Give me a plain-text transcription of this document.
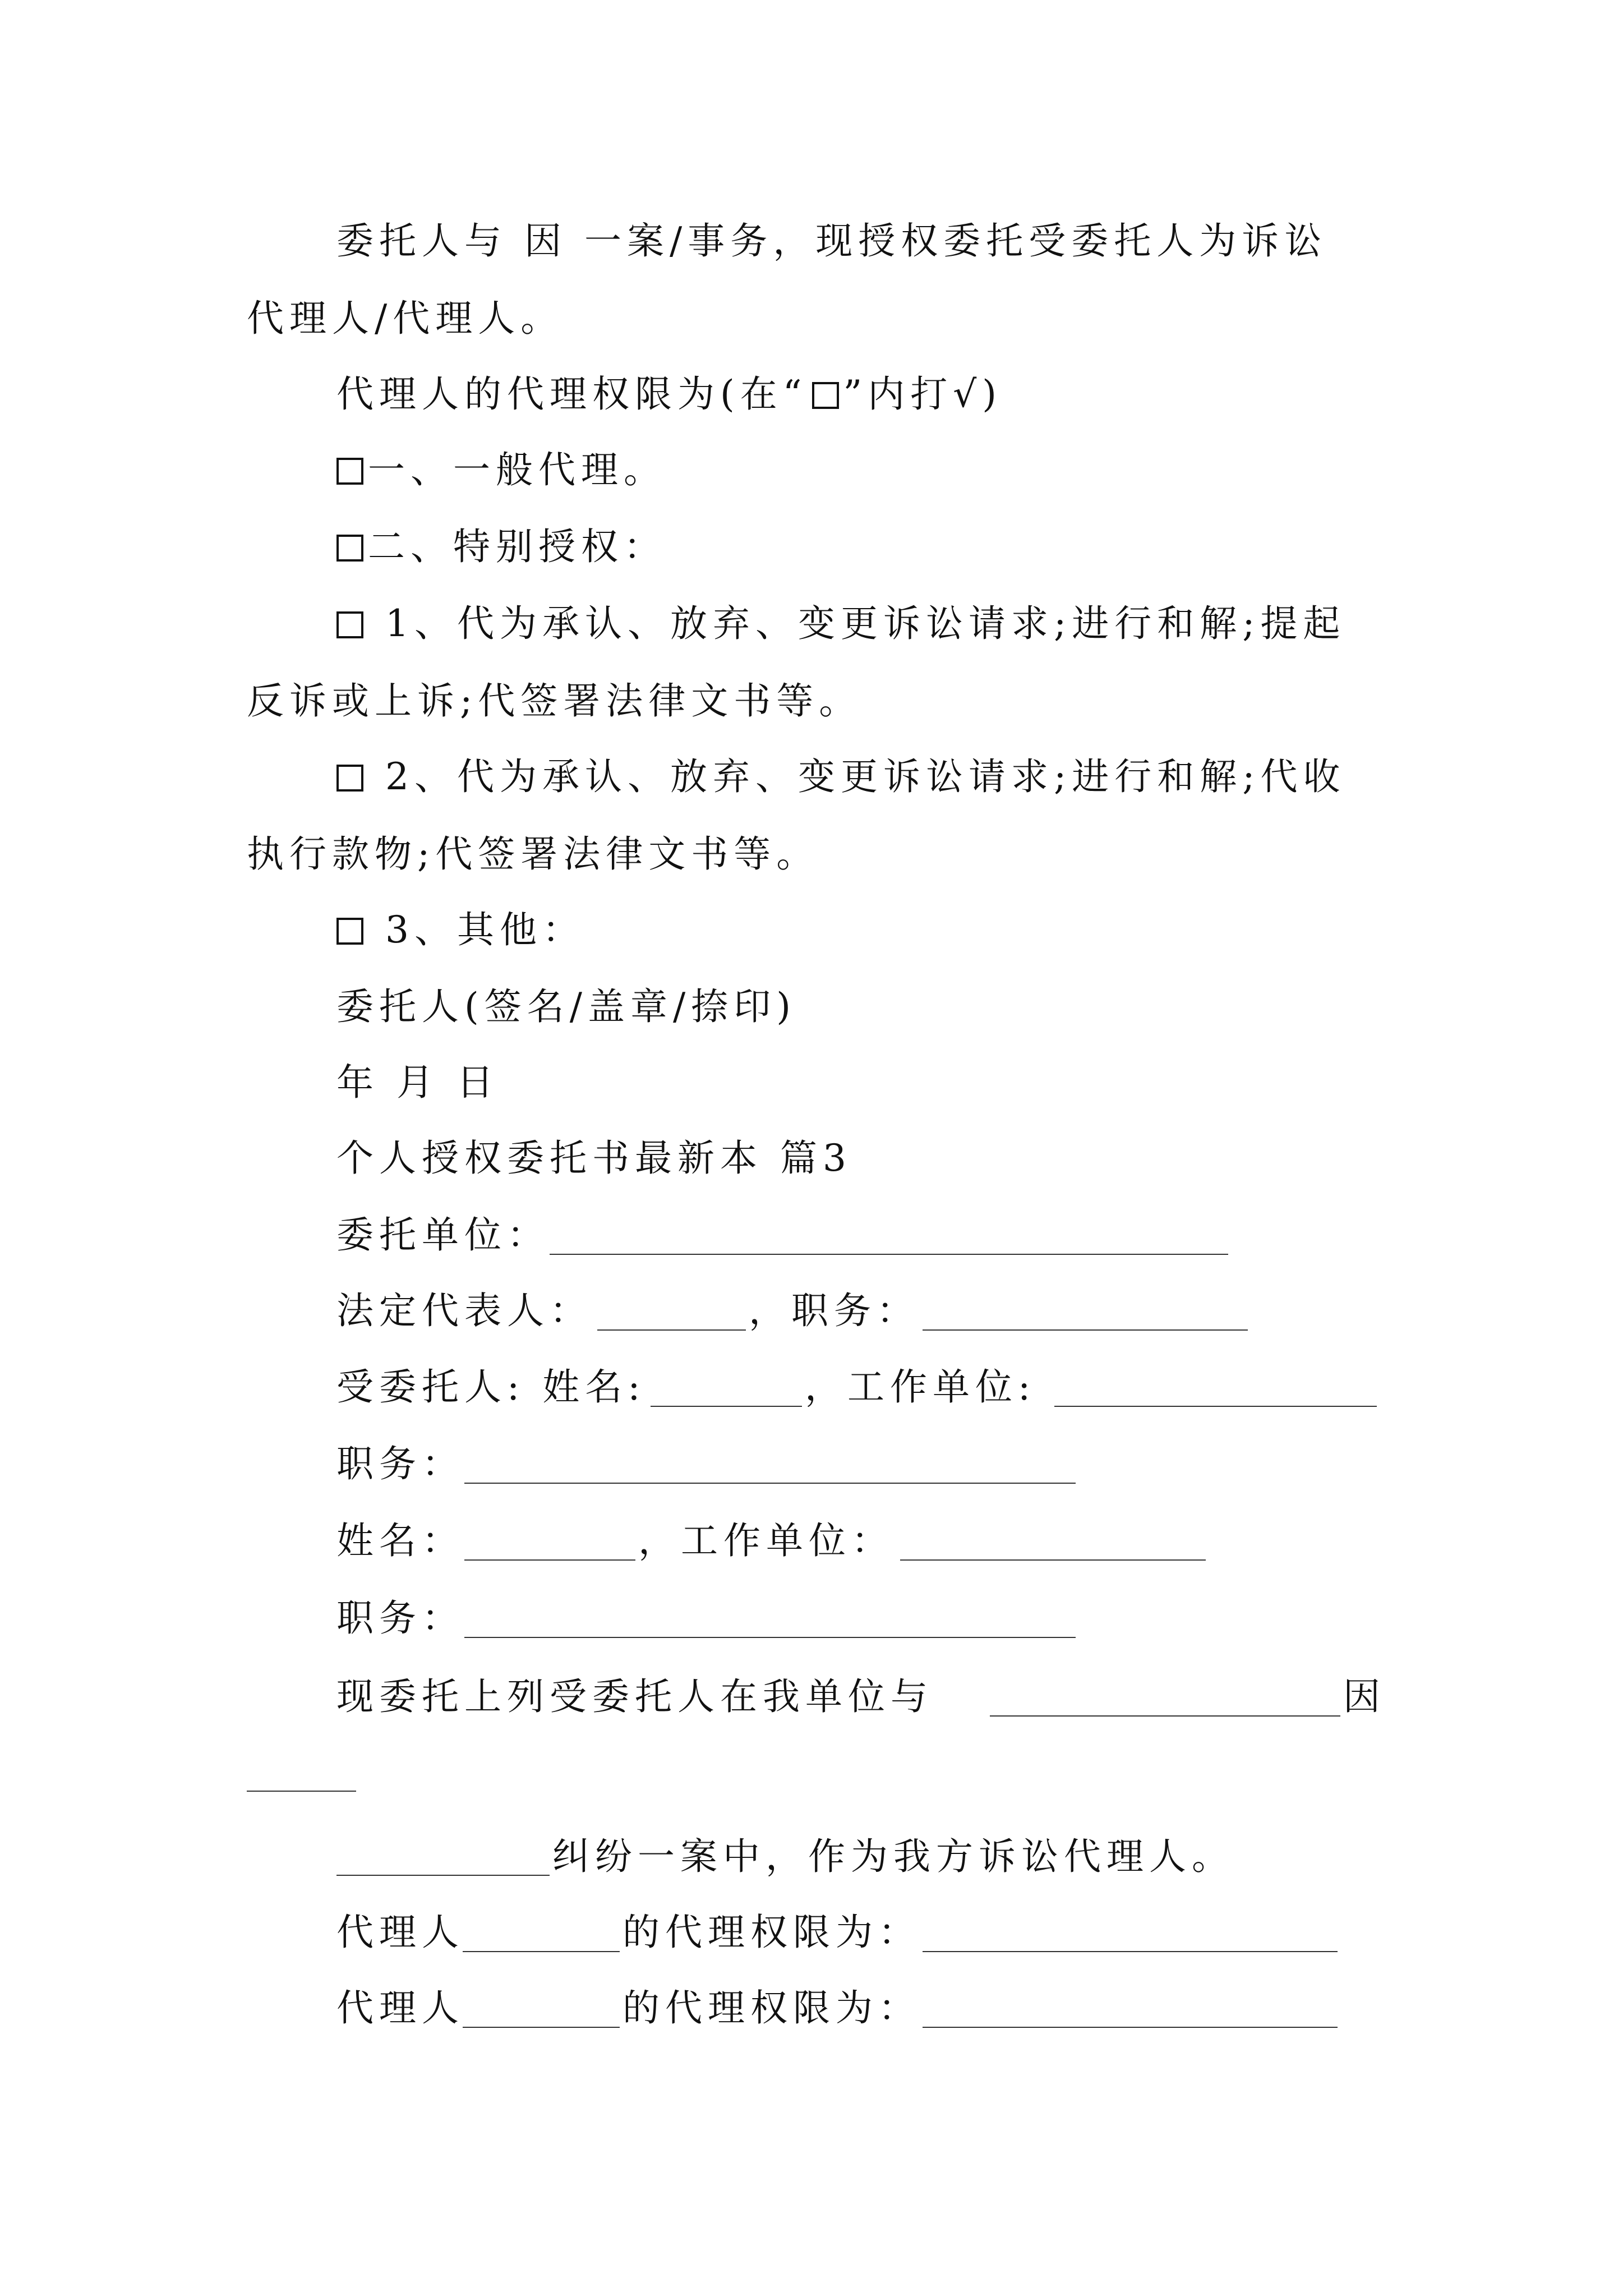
委托人与 因 一案/事务，现授权委托受委托人为诉讼
代理人/代理人。
代理人的代理权限为(在“ ”内打√)
一、一般代理。
二、特别授权：
1、代为承认、放弃、变更诉讼请求;进行和解;提起
反诉或上诉;代签署法律文书等。
2、代为承认、放弃、变更诉讼请求;进行和解;代收
执行款物;代签署法律文书等。
3、其他：
委托人(签名/盖章/捺印)
年 月 日
个人授权委托书最新本 篇3
委托单位：
法定代表人：	，职务：
受委托人: 姓名:	，工作单位:
职务：
姓名：	，工作单位：
职务：
现委托上列受委托人在我单位与	因
纠纷一案中，作为我方诉讼代理人。
代理人	的代理权限为：
代理人	的代理权限为：
